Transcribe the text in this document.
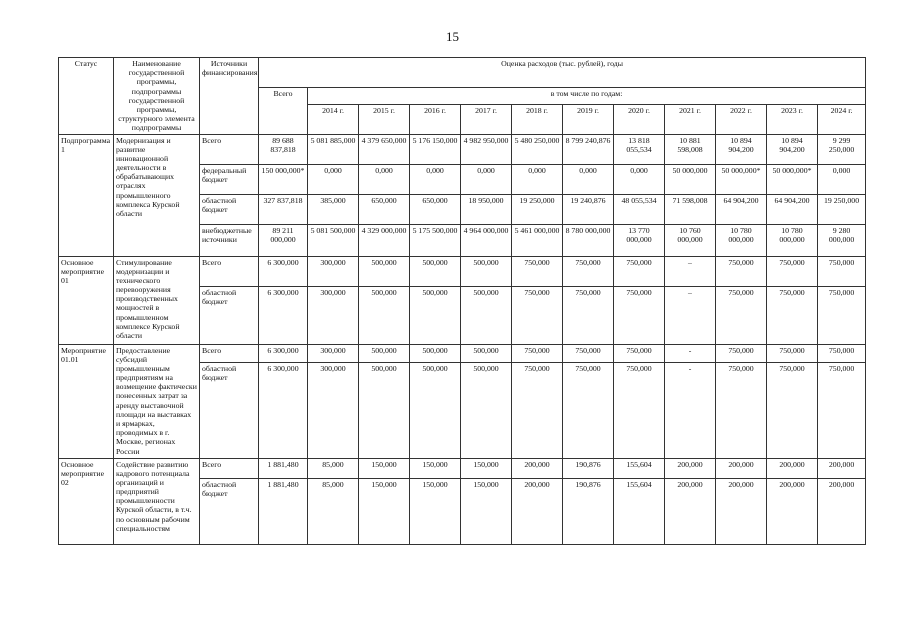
15
Статус	Наименование государственной программы, подпрограммы государственной программы, структурного элемента подпрограммы	Источники финансирования	Оценка расходов (тыс. рублей), годы											
			Всего	в том числе по годам:										
				2014 г.	2015 г.	2016 г.	2017 г.	2018 г.	2019 г.	2020 г.	2021 г.	2022 г.	2023 г.	2024 г.
Подпрограмма 1	Модернизация и развитие инновационной деятельности в обрабатывающих отраслях промышленного комплекса Курской области	Всего	89 688 837,818	5 081 885,000	4 379 650,000	5 176 150,000	4 982 950,000	5 480 250,000	8 799 240,876	13 818 055,534	10 881 598,008	10 894 904,200	10 894 904,200	9 299 250,000
		федеральный бюджет	150 000,000*	0,000	0,000	0,000	0,000	0,000	0,000	0,000	50 000,000	50 000,000*	50 000,000*	0,000
		областной бюджет	327 837,818	385,000	650,000	650,000	18 950,000	19 250,000	19 240,876	48 055,534	71 598,008	64 904,200	64 904,200	19 250,000
		внебюджетные источники	89 211 000,000	5 081 500,000	4 329 000,000	5 175 500,000	4 964 000,000	5 461 000,000	8 780 000,000	13 770 000,000	10 760 000,000	10 780 000,000	10 780 000,000	9 280 000,000
Основное мероприятие 01	Стимулирование модернизации и технического перевооружения производственных мощностей в промышленном комплексе Курской области	Всего	6 300,000	300,000	500,000	500,000	500,000	750,000	750,000	750,000	–	750,000	750,000	750,000
		областной бюджет	6 300,000	300,000	500,000	500,000	500,000	750,000	750,000	750,000	–	750,000	750,000	750,000
Мероприятие 01.01	Предоставление субсидий промышленным предприятиям на возмещение фактически понесенных затрат за аренду выставочной площади на выставках и ярмарках, проводимых в г. Москве, регионах России	Всего	6 300,000	300,000	500,000	500,000	500,000	750,000	750,000	750,000	-	750,000	750,000	750,000
		областной бюджет	6 300,000	300,000	500,000	500,000	500,000	750,000	750,000	750,000	-	750,000	750,000	750,000
Основное мероприятие 02	Содействие развитию кадрового потенциала организаций и предприятий промышленности Курской области, в т.ч. по основным рабочим специальностям	Всего	1 881,480	85,000	150,000	150,000	150,000	200,000	190,876	155,604	200,000	200,000	200,000	200,000
		областной бюджет	1 881,480	85,000	150,000	150,000	150,000	200,000	190,876	155,604	200,000	200,000	200,000	200,000
